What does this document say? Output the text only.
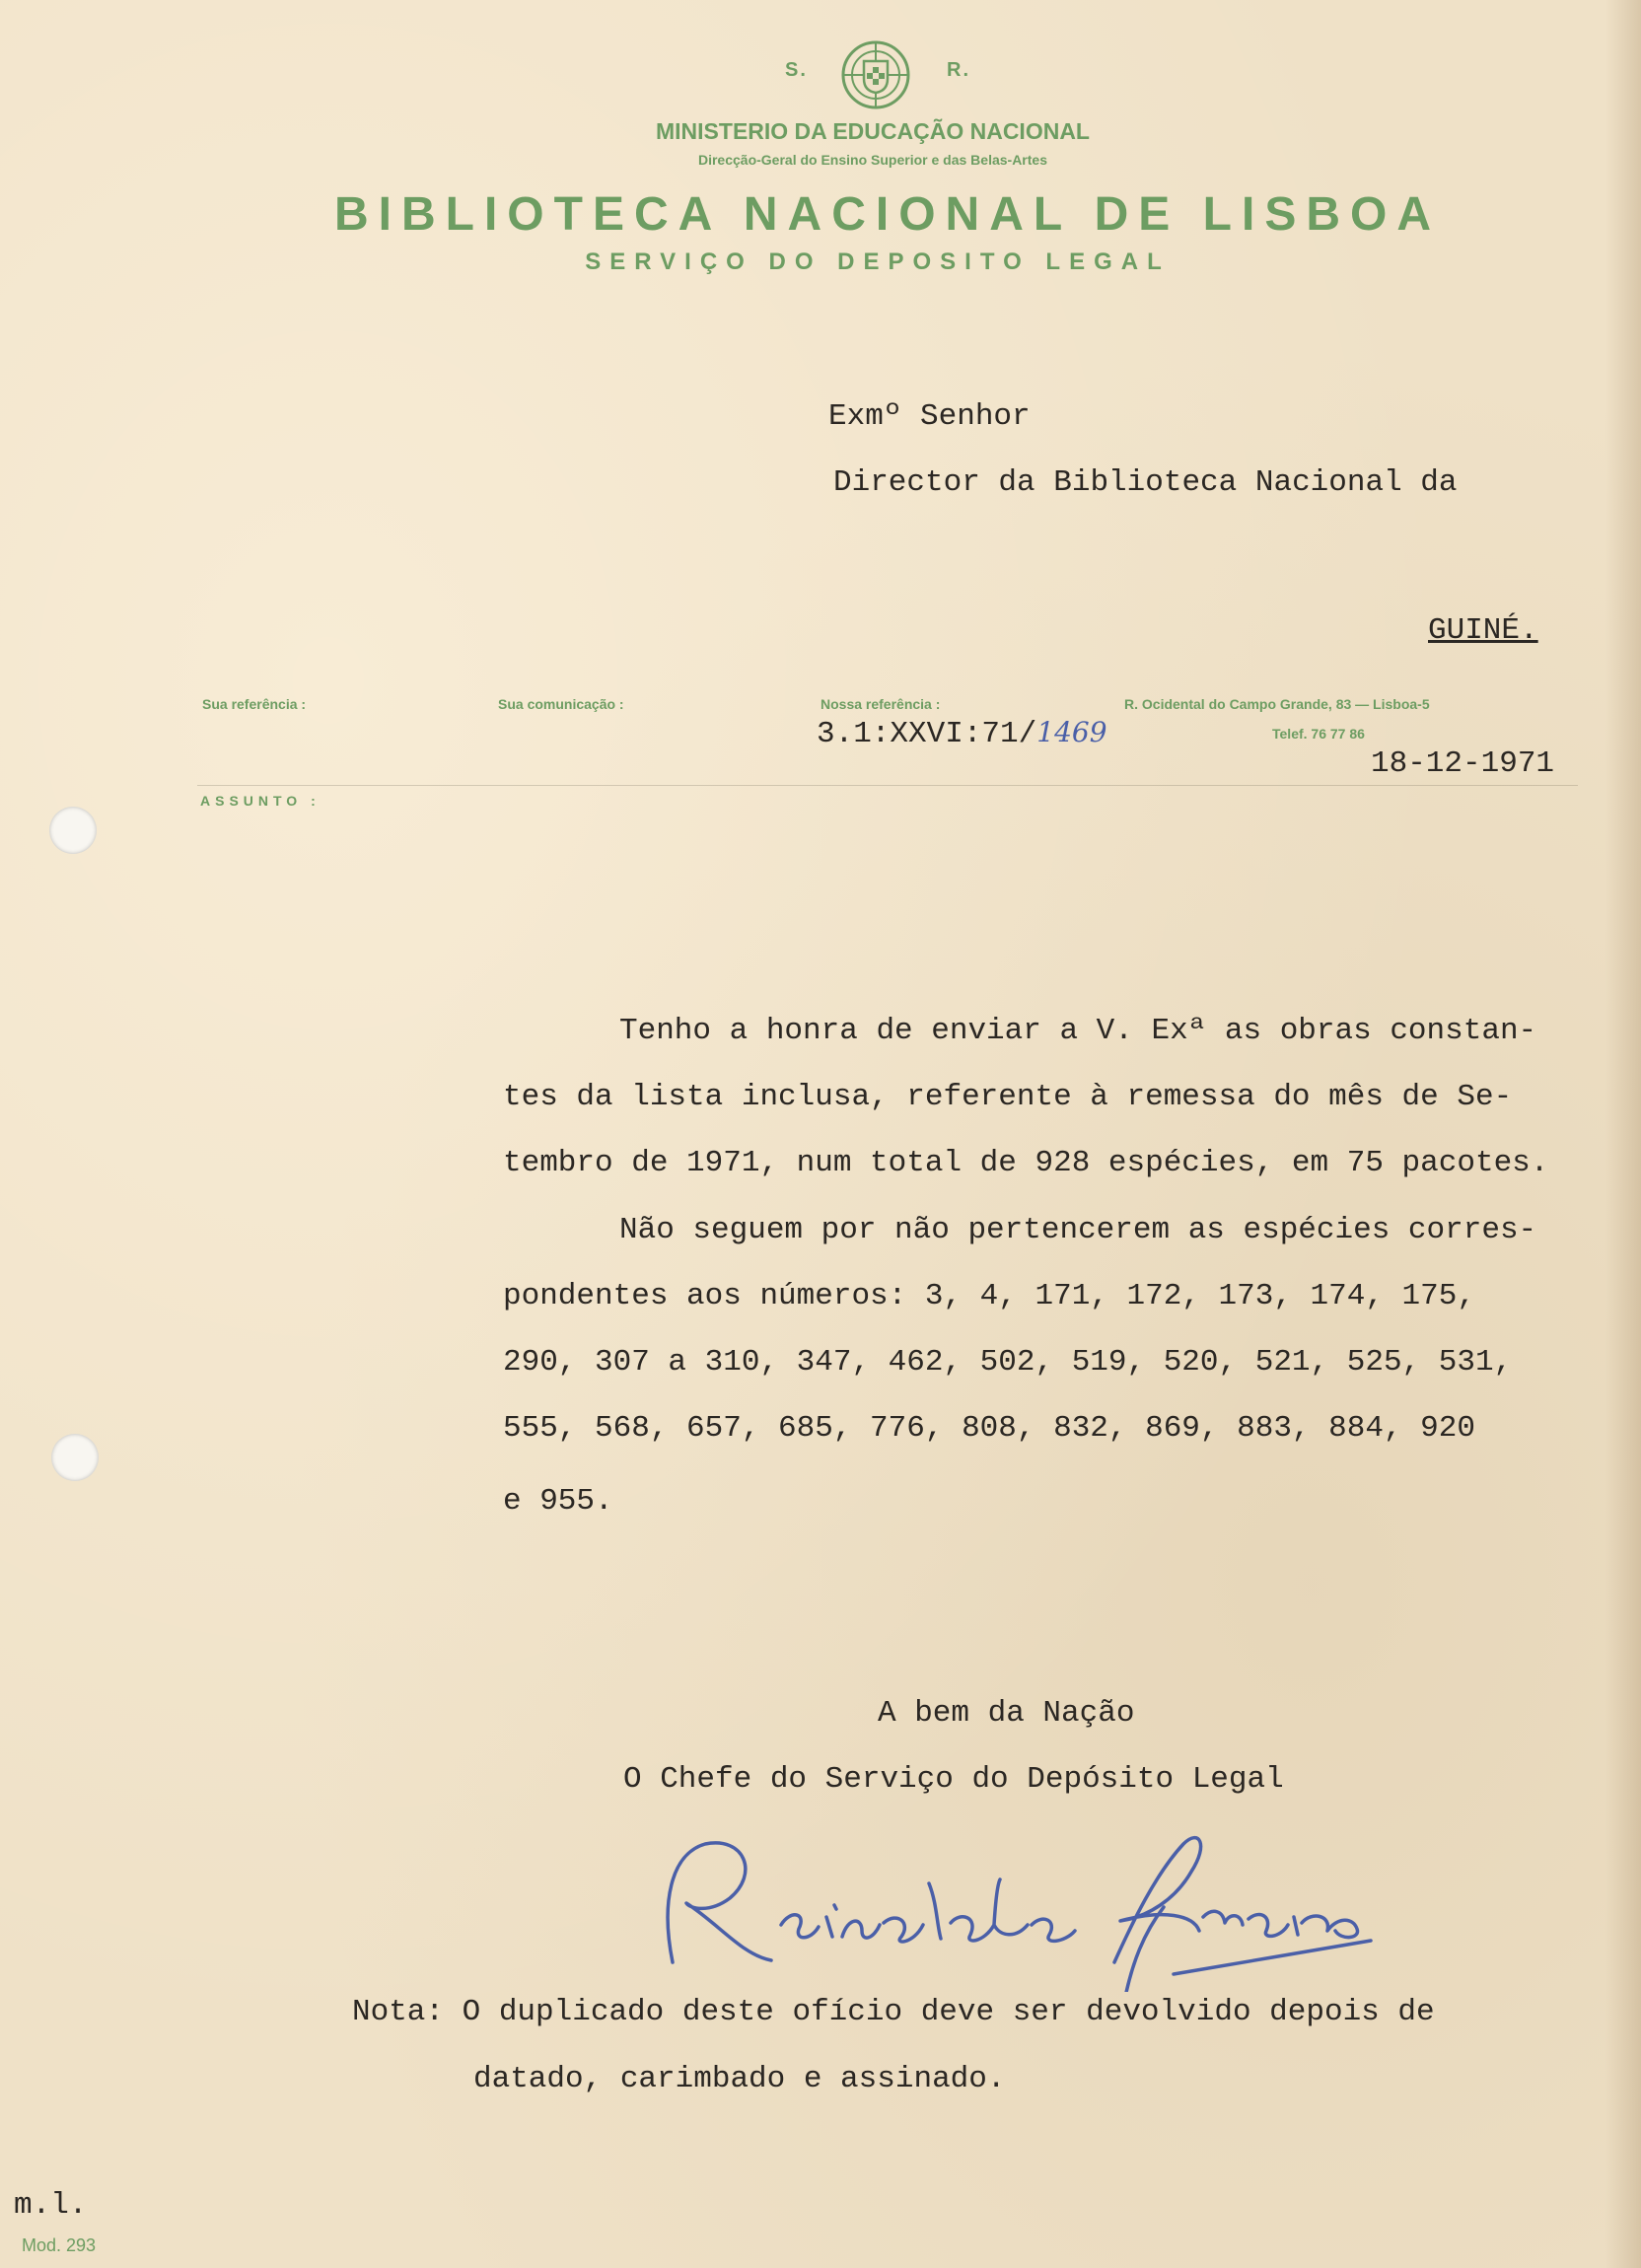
S.	R.
MINISTERIO DA EDUCAÇÃO NACIONAL
Direcção-Geral do Ensino Superior e das Belas-Artes
BIBLIOTECA NACIONAL DE LISBOA
SERVIÇO DO DEPOSITO LEGAL
Exmº Senhor
Director da Biblioteca Nacional da
GUINÉ.
Sua referência :	Sua comunicação :	Nossa referência :	R. Ocidental do Campo Grande, 83 — Lisboa-5
3.1:XXVI:71/1469	Telef. 76 77 86
18-12-1971
ASSUNTO :
Tenho a honra de enviar a V. Exª as obras constan-
tes da lista inclusa, referente à remessa do mês de Se-
tembro de 1971, num total de 928 espécies, em 75 pacotes.
Não seguem por não pertencerem as espécies corres-
pondentes aos números: 3, 4, 171, 172, 173, 174, 175,
290, 307 a 310, 347, 462, 502, 519, 520, 521, 525, 531,
555, 568, 657, 685, 776, 808, 832, 869, 883, 884, 920
e 955.
A bem da Nação
O Chefe do Serviço do Depósito Legal
Nota: O duplicado deste ofício deve ser devolvido depois de
datado, carimbado e assinado.
m.l.
Mod. 293
